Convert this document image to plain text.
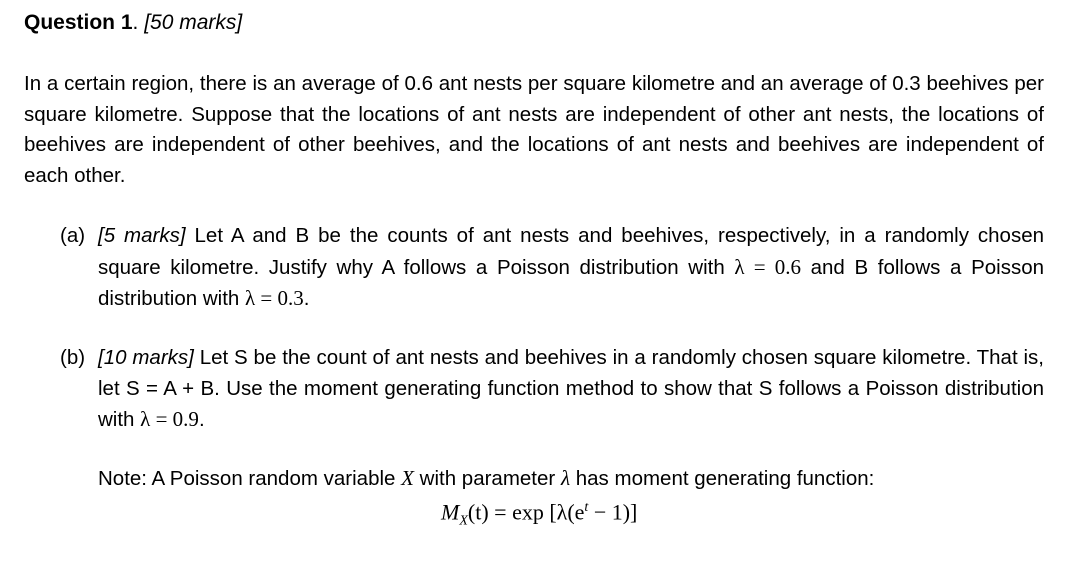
Question 1. [50 marks]
In a certain region, there is an average of 0.6 ant nests per square kilometre and an average of 0.3 beehives per square kilometre. Suppose that the locations of ant nests are independent of other ant nests, the locations of beehives are independent of other beehives, and the locations of ant nests and beehives are independent of each other.
(a) [5 marks] Let A and B be the counts of ant nests and beehives, respectively, in a randomly chosen square kilometre. Justify why A follows a Poisson distribution with λ = 0.6 and B follows a Poisson distribution with λ = 0.3.
(b) [10 marks] Let S be the count of ant nests and beehives in a randomly chosen square kilometre. That is, let S = A + B. Use the moment generating function method to show that S follows a Poisson distribution with λ = 0.9.
Note: A Poisson random variable X with parameter λ has moment generating function:
$M_X(t) = \exp [\lambda(e^t - 1)]$
